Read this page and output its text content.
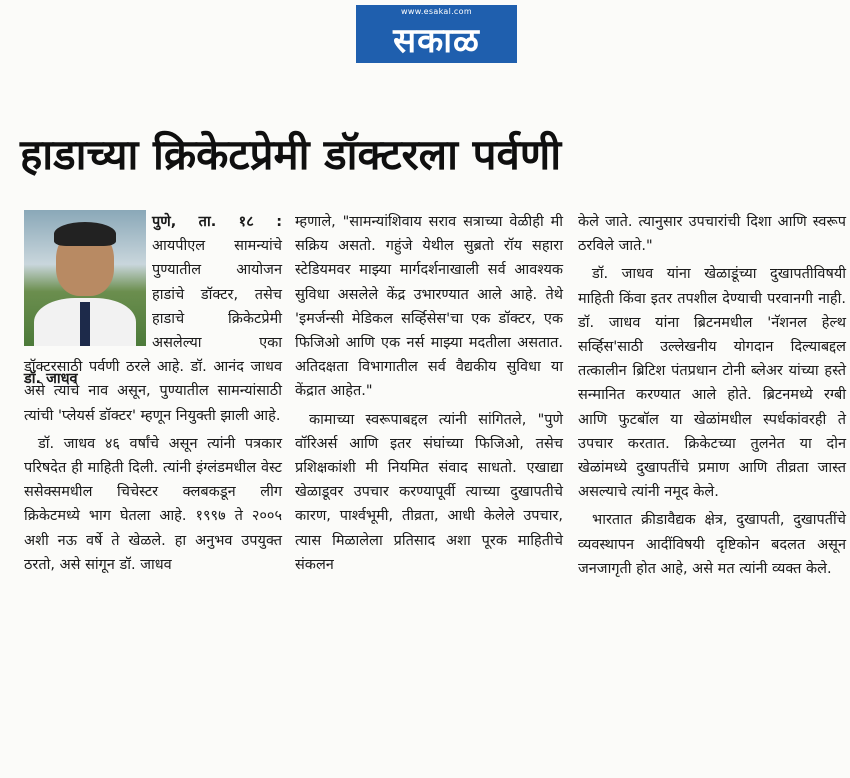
www.esakal.com
सकाळ
हाडाच्या क्रिकेटप्रेमी डॉक्टरला पर्वणी

पुणे, ता. १८ : आयपीएल सामन्यांचे पुण्यातील आयोजन हाडांचे डॉक्टर, तसेच हाडाचे क्रिकेटप्रेमी असलेल्या एका डॉक्टरसाठी पर्वणी ठरले आहे. डॉ. आनंद जाधव असे त्यांचे नाव असून, पुण्यातील सामन्यांसाठी त्यांची 'प्लेयर्स डॉक्टर' म्हणून नियुक्ती झाली आहे.

डॉ. जाधव ४६ वर्षांचे असून त्यांनी पत्रकार परिषदेत ही माहिती दिली. त्यांनी इंग्लंडमधील वेस्ट ससेक्समधील चिचेस्टर क्लबकडून लीग क्रिकेटमध्ये भाग घेतला आहे. १९९७ ते २००५ अशी नऊ वर्षे ते खेळले. हा अनुभव उपयुक्त ठरतो, असे सांगून डॉ. जाधव

म्हणाले, "सामन्यांशिवाय सराव सत्राच्या वेळीही मी सक्रिय असतो. गहुंजे येथील सुब्रतो रॉय सहारा स्टेडियमवर माझ्या मार्गदर्शनाखाली सर्व आवश्यक सुविधा असलेले केंद्र उभारण्यात आले आहे. तेथे 'इमर्जन्सी मेडिकल सर्व्हिसेस'चा एक डॉक्टर, एक फिजिओ आणि एक नर्स माझ्या मदतीला असतात. अतिदक्षता विभागातील सर्व वैद्यकीय सुविधा या केंद्रात आहेत."

कामाच्या स्वरूपाबद्दल त्यांनी सांगितले, "पुणे वॉरिअर्स आणि इतर संघांच्या फिजिओ, तसेच प्रशिक्षकांशी मी नियमित संवाद साधतो. एखाद्या खेळाडूवर उपचार करण्यापूर्वी त्याच्या दुखापतीचे कारण, पार्श्वभूमी, तीव्रता, आधी केलेले उपचार, त्यास मिळालेला प्रतिसाद अशा पूरक माहितीचे संकलन

केले जाते. त्यानुसार उपचारांची दिशा आणि स्वरूप ठरविले जाते."

डॉ. जाधव यांना खेळाडूंच्या दुखापतीविषयी माहिती किंवा इतर तपशील देण्याची परवानगी नाही. डॉ. जाधव यांना ब्रिटनमधील 'नॅशनल हेल्थ सर्व्हिस'साठी उल्लेखनीय योगदान दिल्याबद्दल तत्कालीन ब्रिटिश पंतप्रधान टोनी ब्लेअर यांच्या हस्ते सन्मानित करण्यात आले होते. ब्रिटनमध्ये रग्बी आणि फुटबॉल या खेळांमधील स्पर्धकांवरही ते उपचार करतात. क्रिकेटच्या तुलनेत या दोन खेळांमध्ये दुखापतींचे प्रमाण आणि तीव्रता जास्त असल्याचे त्यांनी नमूद केले.

भारतात क्रीडावैद्यक क्षेत्र, दुखापती, दुखापतींचे व्यवस्थापन आदींविषयी दृष्टिकोन बदलत असून जनजागृती होत आहे, असे मत त्यांनी व्यक्त केले.

डॉ. जाधव
